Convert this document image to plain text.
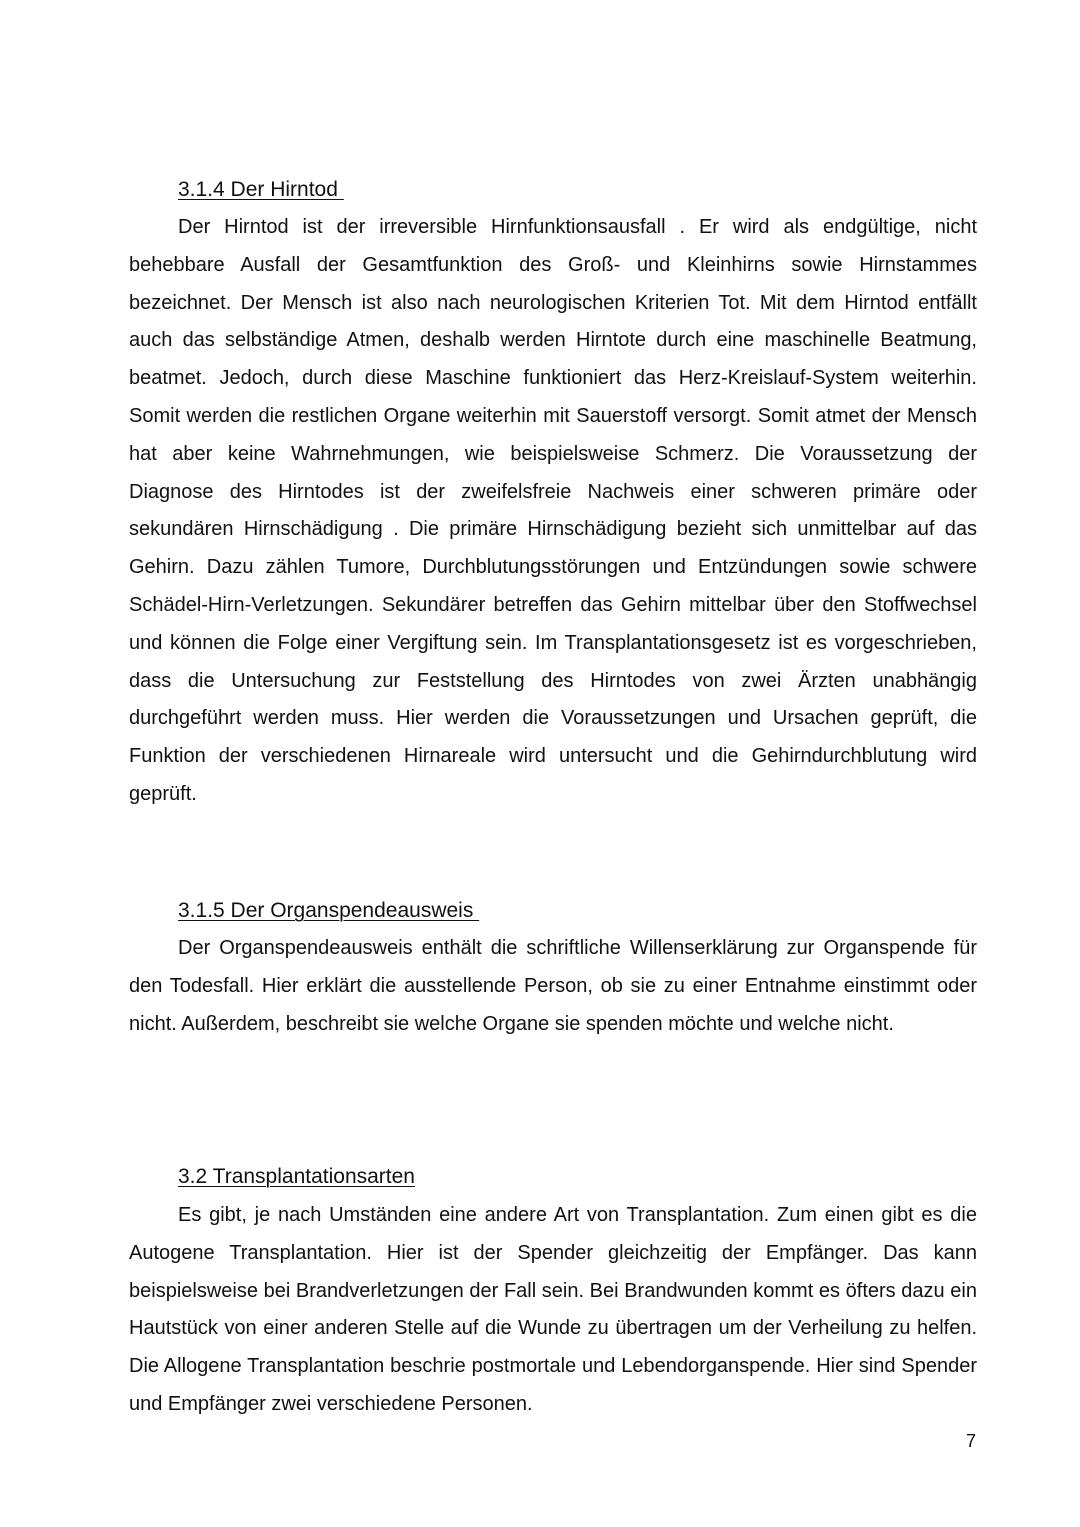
3.1.4 Der Hirntod

Der Hirntod ist der irreversible Hirnfunktionsausfall . Er wird als endgültige, nicht behebbare Ausfall der Gesamtfunktion des Groß- und Kleinhirns sowie Hirnstammes bezeichnet. Der Mensch ist also nach neurologischen Kriterien Tot. Mit dem Hirntod entfällt auch das selbständige Atmen, deshalb werden Hirntote durch eine maschinelle Beatmung, beatmet. Jedoch, durch diese Maschine funktioniert das Herz-Kreislauf-System weiterhin. Somit werden die restlichen Organe weiterhin mit Sauerstoff versorgt. Somit atmet der Mensch hat aber keine Wahrnehmungen, wie beispielsweise Schmerz. Die Voraussetzung der Diagnose des Hirntodes ist der zweifelsfreie Nachweis einer schweren primäre oder sekundären Hirnschädigung . Die primäre Hirnschädigung bezieht sich unmittelbar auf das Gehirn. Dazu zählen Tumore, Durchblutungsstörungen und Entzündungen sowie schwere Schädel-Hirn-Verletzungen. Sekundärer betreffen das Gehirn mittelbar über den Stoffwechsel und können die Folge einer Vergiftung sein. Im Transplantationsgesetz ist es vorgeschrieben, dass die Untersuchung zur Feststellung des Hirntodes von zwei Ärzten unabhängig durchgeführt werden muss. Hier werden die Voraussetzungen und Ursachen geprüft, die Funktion der verschiedenen Hirnareale wird untersucht und die Gehirndurchblutung wird geprüft.

3.1.5 Der Organspendeausweis

Der Organspendeausweis enthält die schriftliche Willenserklärung zur Organspende für den Todesfall. Hier erklärt die ausstellende Person, ob sie zu einer Entnahme einstimmt oder nicht. Außerdem, beschreibt sie welche Organe sie spenden möchte und welche nicht.

3.2 Transplantationsarten

Es gibt, je nach Umständen eine andere Art von Transplantation. Zum einen gibt es die Autogene Transplantation. Hier ist der Spender gleichzeitig der Empfänger. Das kann beispielsweise bei Brandverletzungen der Fall sein. Bei Brandwunden kommt es öfters dazu ein Hautstück von einer anderen Stelle auf die Wunde zu übertragen um der Verheilung zu helfen. Die Allogene Transplantation beschrie postmortale und Lebendorganspende. Hier sind Spender und Empfänger zwei verschiedene Personen.

7
